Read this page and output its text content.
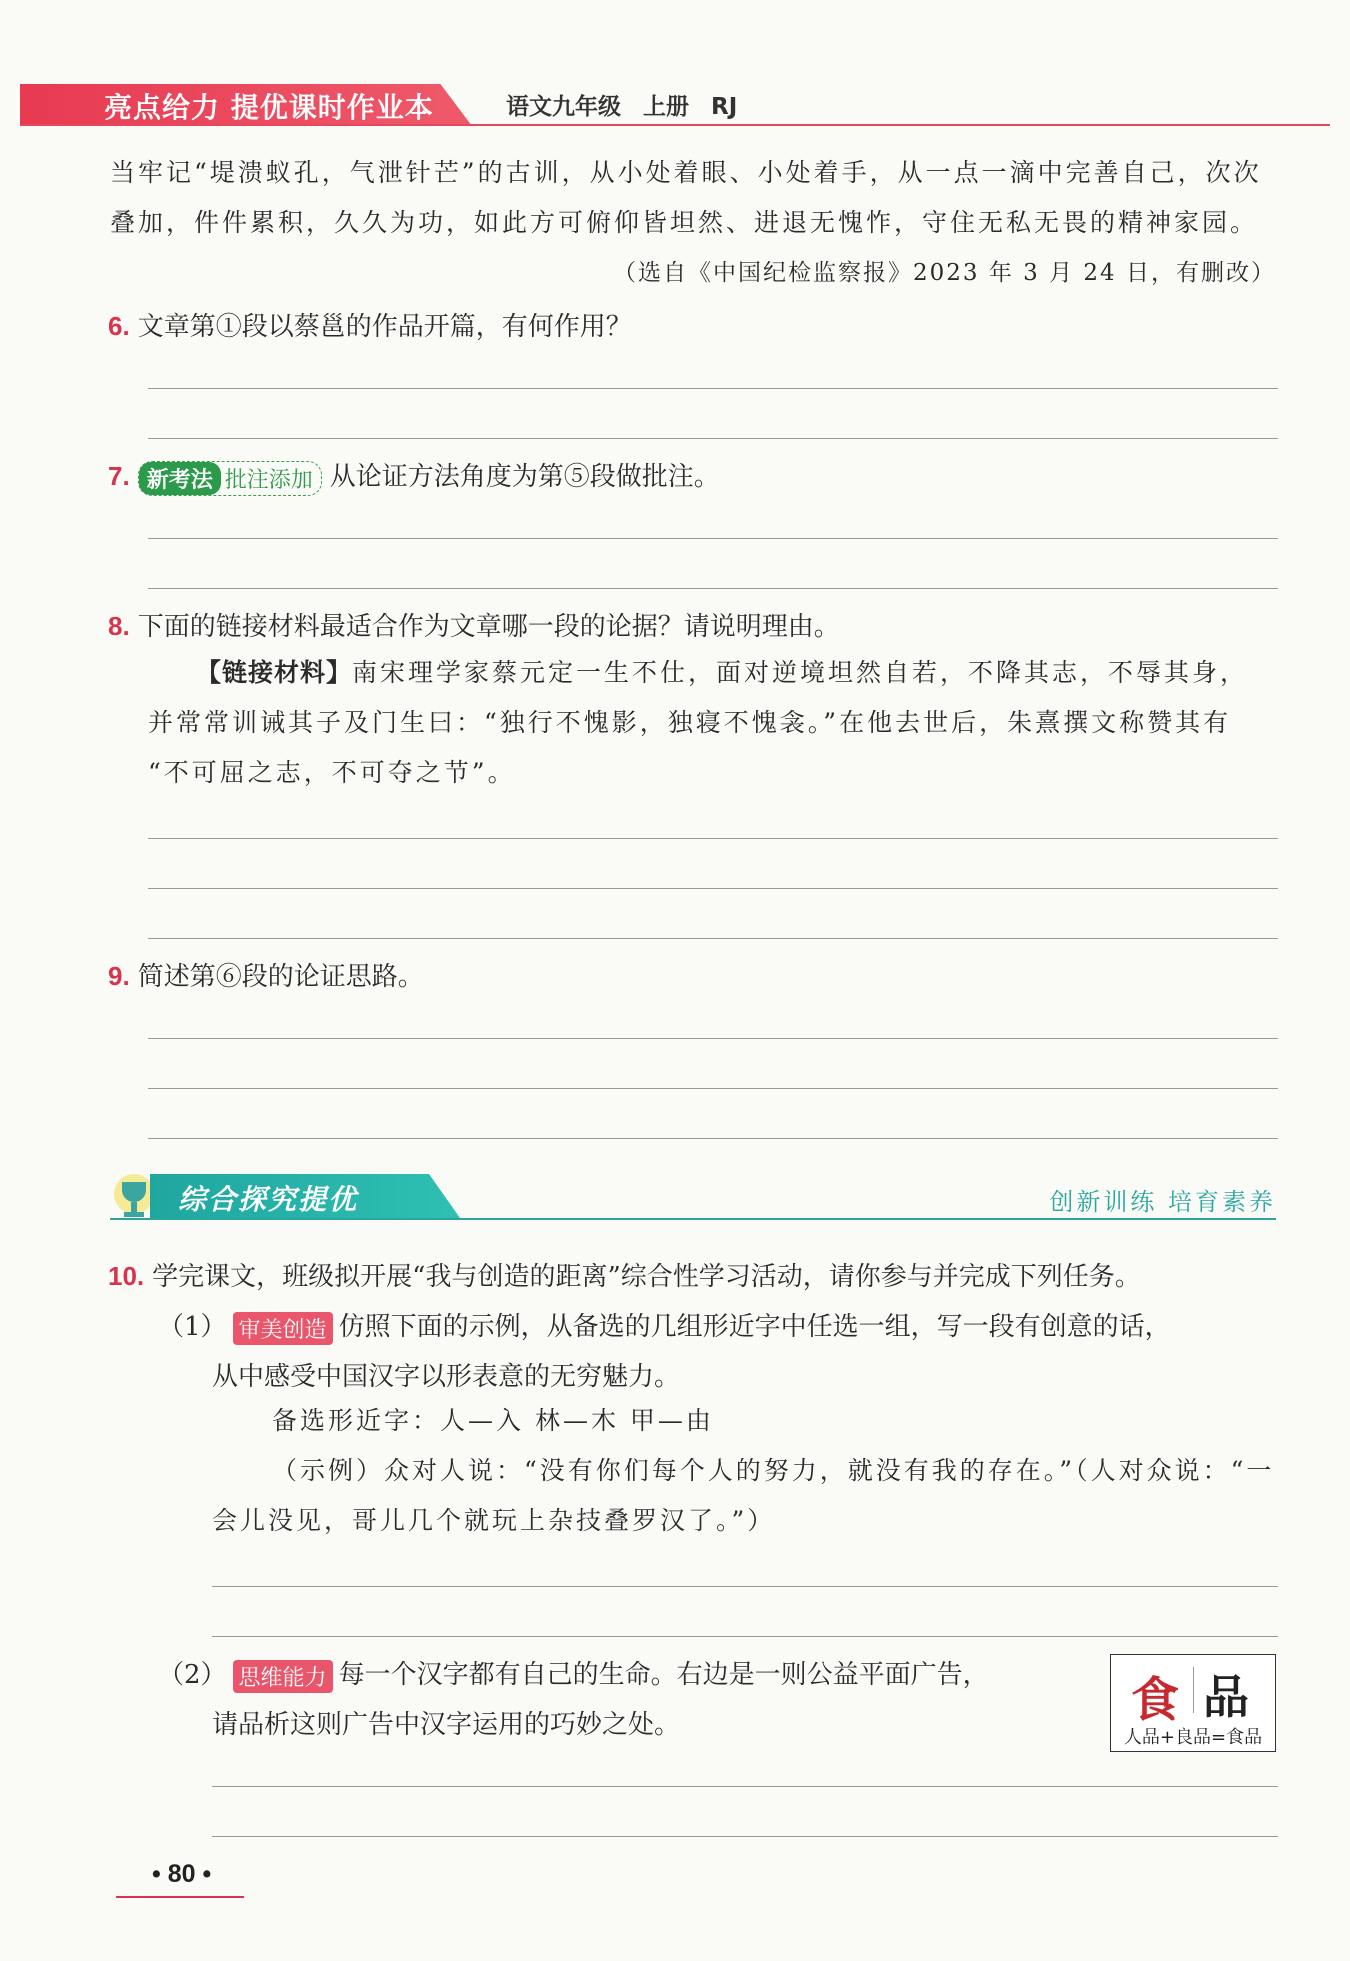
亮点给力 提优课时作业本	语文九年级 上册 RJ
当牢记“堤溃蚁孔，气泄针芒”的古训，从小处着眼、小处着手，从一点一滴中完善自己，次次
叠加，件件累积，久久为功，如此方可俯仰皆坦然、进退无愧怍，守住无私无畏的精神家园。
（选自《中国纪检监察报》2023 年 3 月 24 日，有删改）
6. 文章第①段以蔡邕的作品开篇，有何作用？
7. 新考法 批注添加 从论证方法角度为第⑤段做批注。
8. 下面的链接材料最适合作为文章哪一段的论据？请说明理由。
【链接材料】南宋理学家蔡元定一生不仕，面对逆境坦然自若，不降其志，不辱其身，
并常常训诫其子及门生曰：“独行不愧影，独寝不愧衾。”在他去世后，朱熹撰文称赞其有
“不可屈之志，不可夺之节”。
9. 简述第⑥段的论证思路。
综合探究提优	创新训练 培育素养
10. 学完课文，班级拟开展“我与创造的距离”综合性学习活动，请你参与并完成下列任务。
（1） 审美创造 仿照下面的示例，从备选的几组形近字中任选一组，写一段有创意的话，
从中感受中国汉字以形表意的无穷魅力。
备选形近字：人—入 林—木 甲—由
（示例）众对人说：“没有你们每个人的努力，就没有我的存在。”（人对众说：“一
会儿没见，哥儿几个就玩上杂技叠罗汉了。”）
（2） 思维能力 每一个汉字都有自己的生命。右边是一则公益平面广告，
请品析这则广告中汉字运用的巧妙之处。	食 品
人品+良品=食品
• 80 •
